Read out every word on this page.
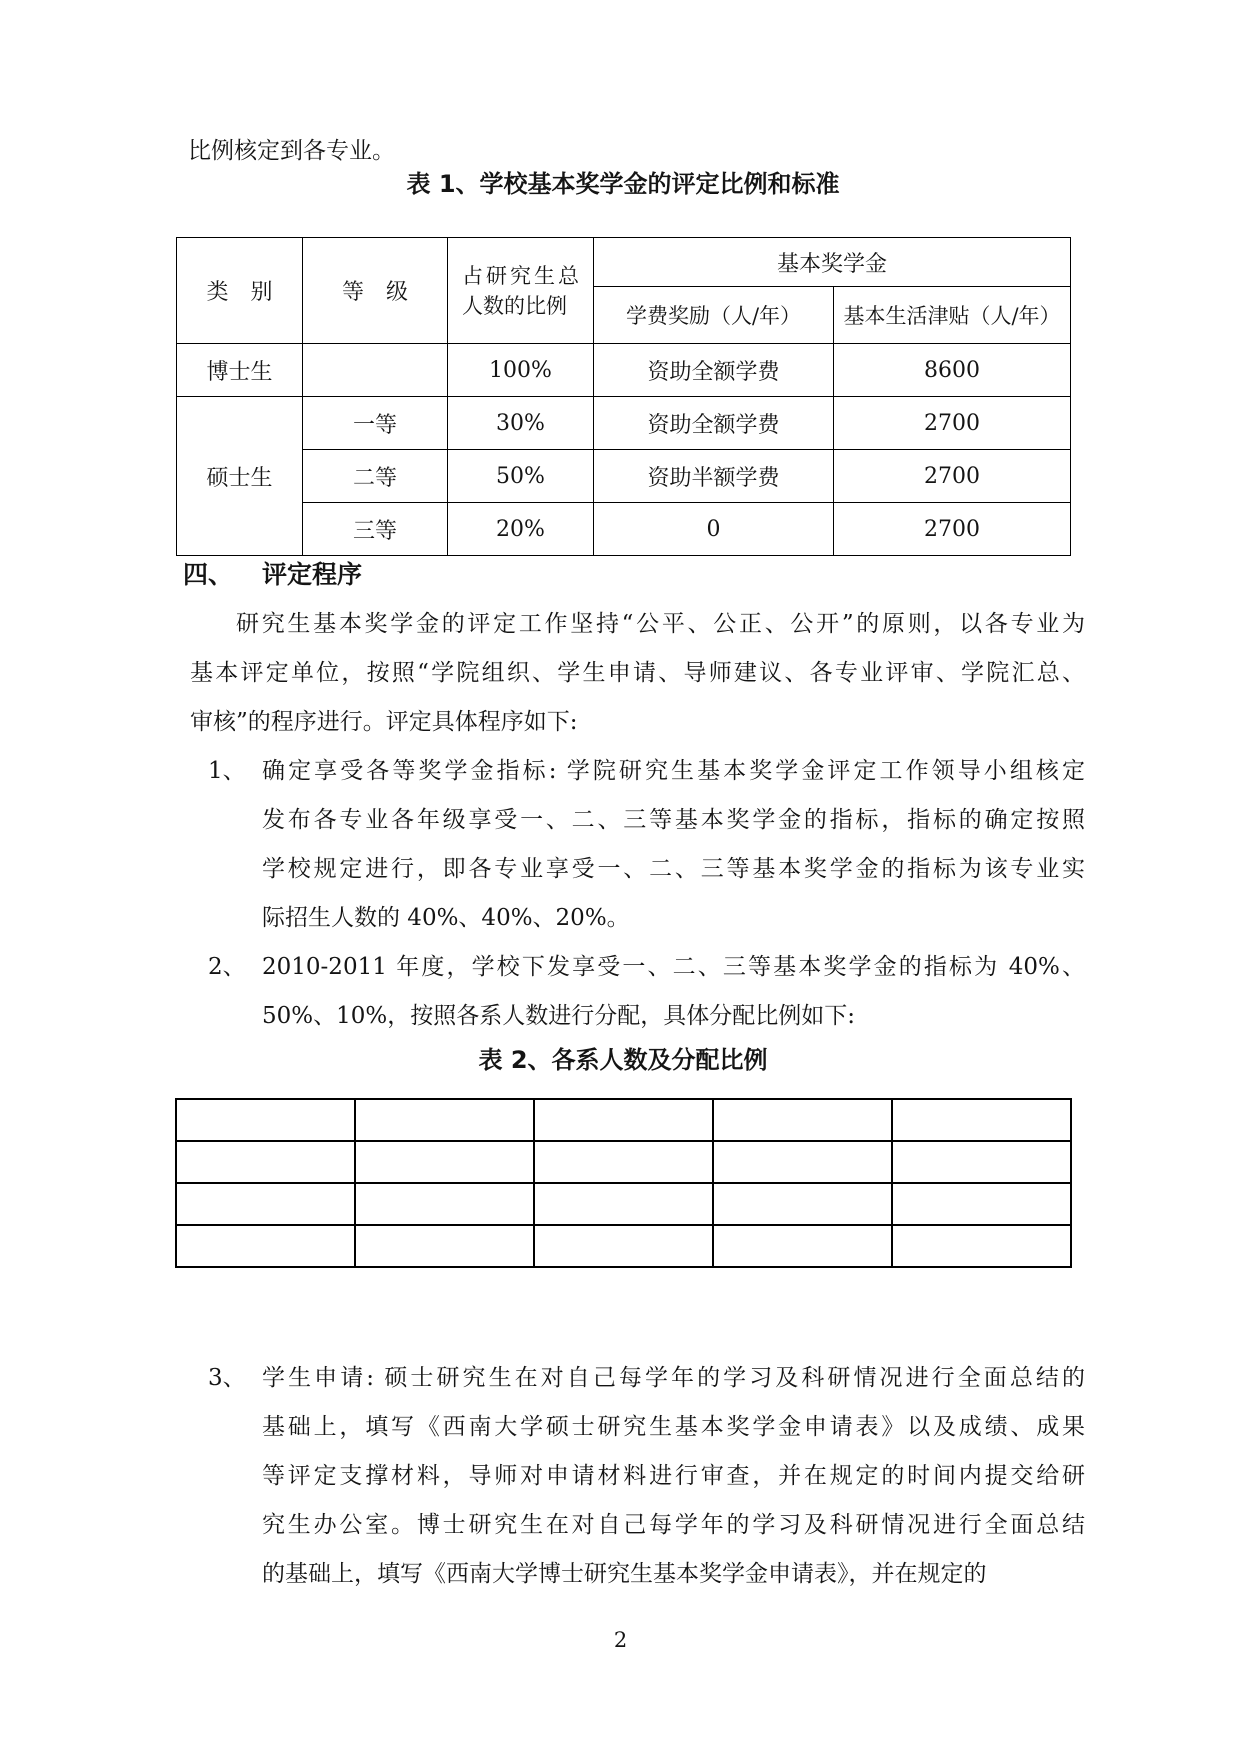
比例核定到各专业。
表 1、学校基本奖学金的评定比例和标准
类　别	等　级	占研究生总人数的比例	基本奖学金	
			学费奖励（人/年）	基本生活津贴（人/年）
博士生		100%	资助全额学费	8600
硕士生	一等	30%	资助全额学费	2700
	二等	50%	资助半额学费	2700
	三等	20%	0	2700
四、 评定程序
研究生基本奖学金的评定工作坚持“公平、公正、公开”的原则，以各专业为
基本评定单位，按照“学院组织、学生申请、导师建议、各专业评审、学院汇总、
审核”的程序进行。评定具体程序如下:
1、 确定享受各等奖学金指标: 学院研究生基本奖学金评定工作领导小组核定
发布各专业各年级享受一、二、三等基本奖学金的指标，指标的确定按照
学校规定进行，即各专业享受一、二、三等基本奖学金的指标为该专业实
际招生人数的 40%、40%、20%。
2、 2010-2011 年度，学校下发享受一、二、三等基本奖学金的指标为 40%、
50%、10%，按照各系人数进行分配，具体分配比例如下:
表 2、各系人数及分配比例

3、 学生申请: 硕士研究生在对自己每学年的学习及科研情况进行全面总结的
基础上，填写《西南大学硕士研究生基本奖学金申请表》以及成绩、成果
等评定支撑材料，导师对申请材料进行审查，并在规定的时间内提交给研
究生办公室。博士研究生在对自己每学年的学习及科研情况进行全面总结
的基础上，填写《西南大学博士研究生基本奖学金申请表》，并在规定的
2
